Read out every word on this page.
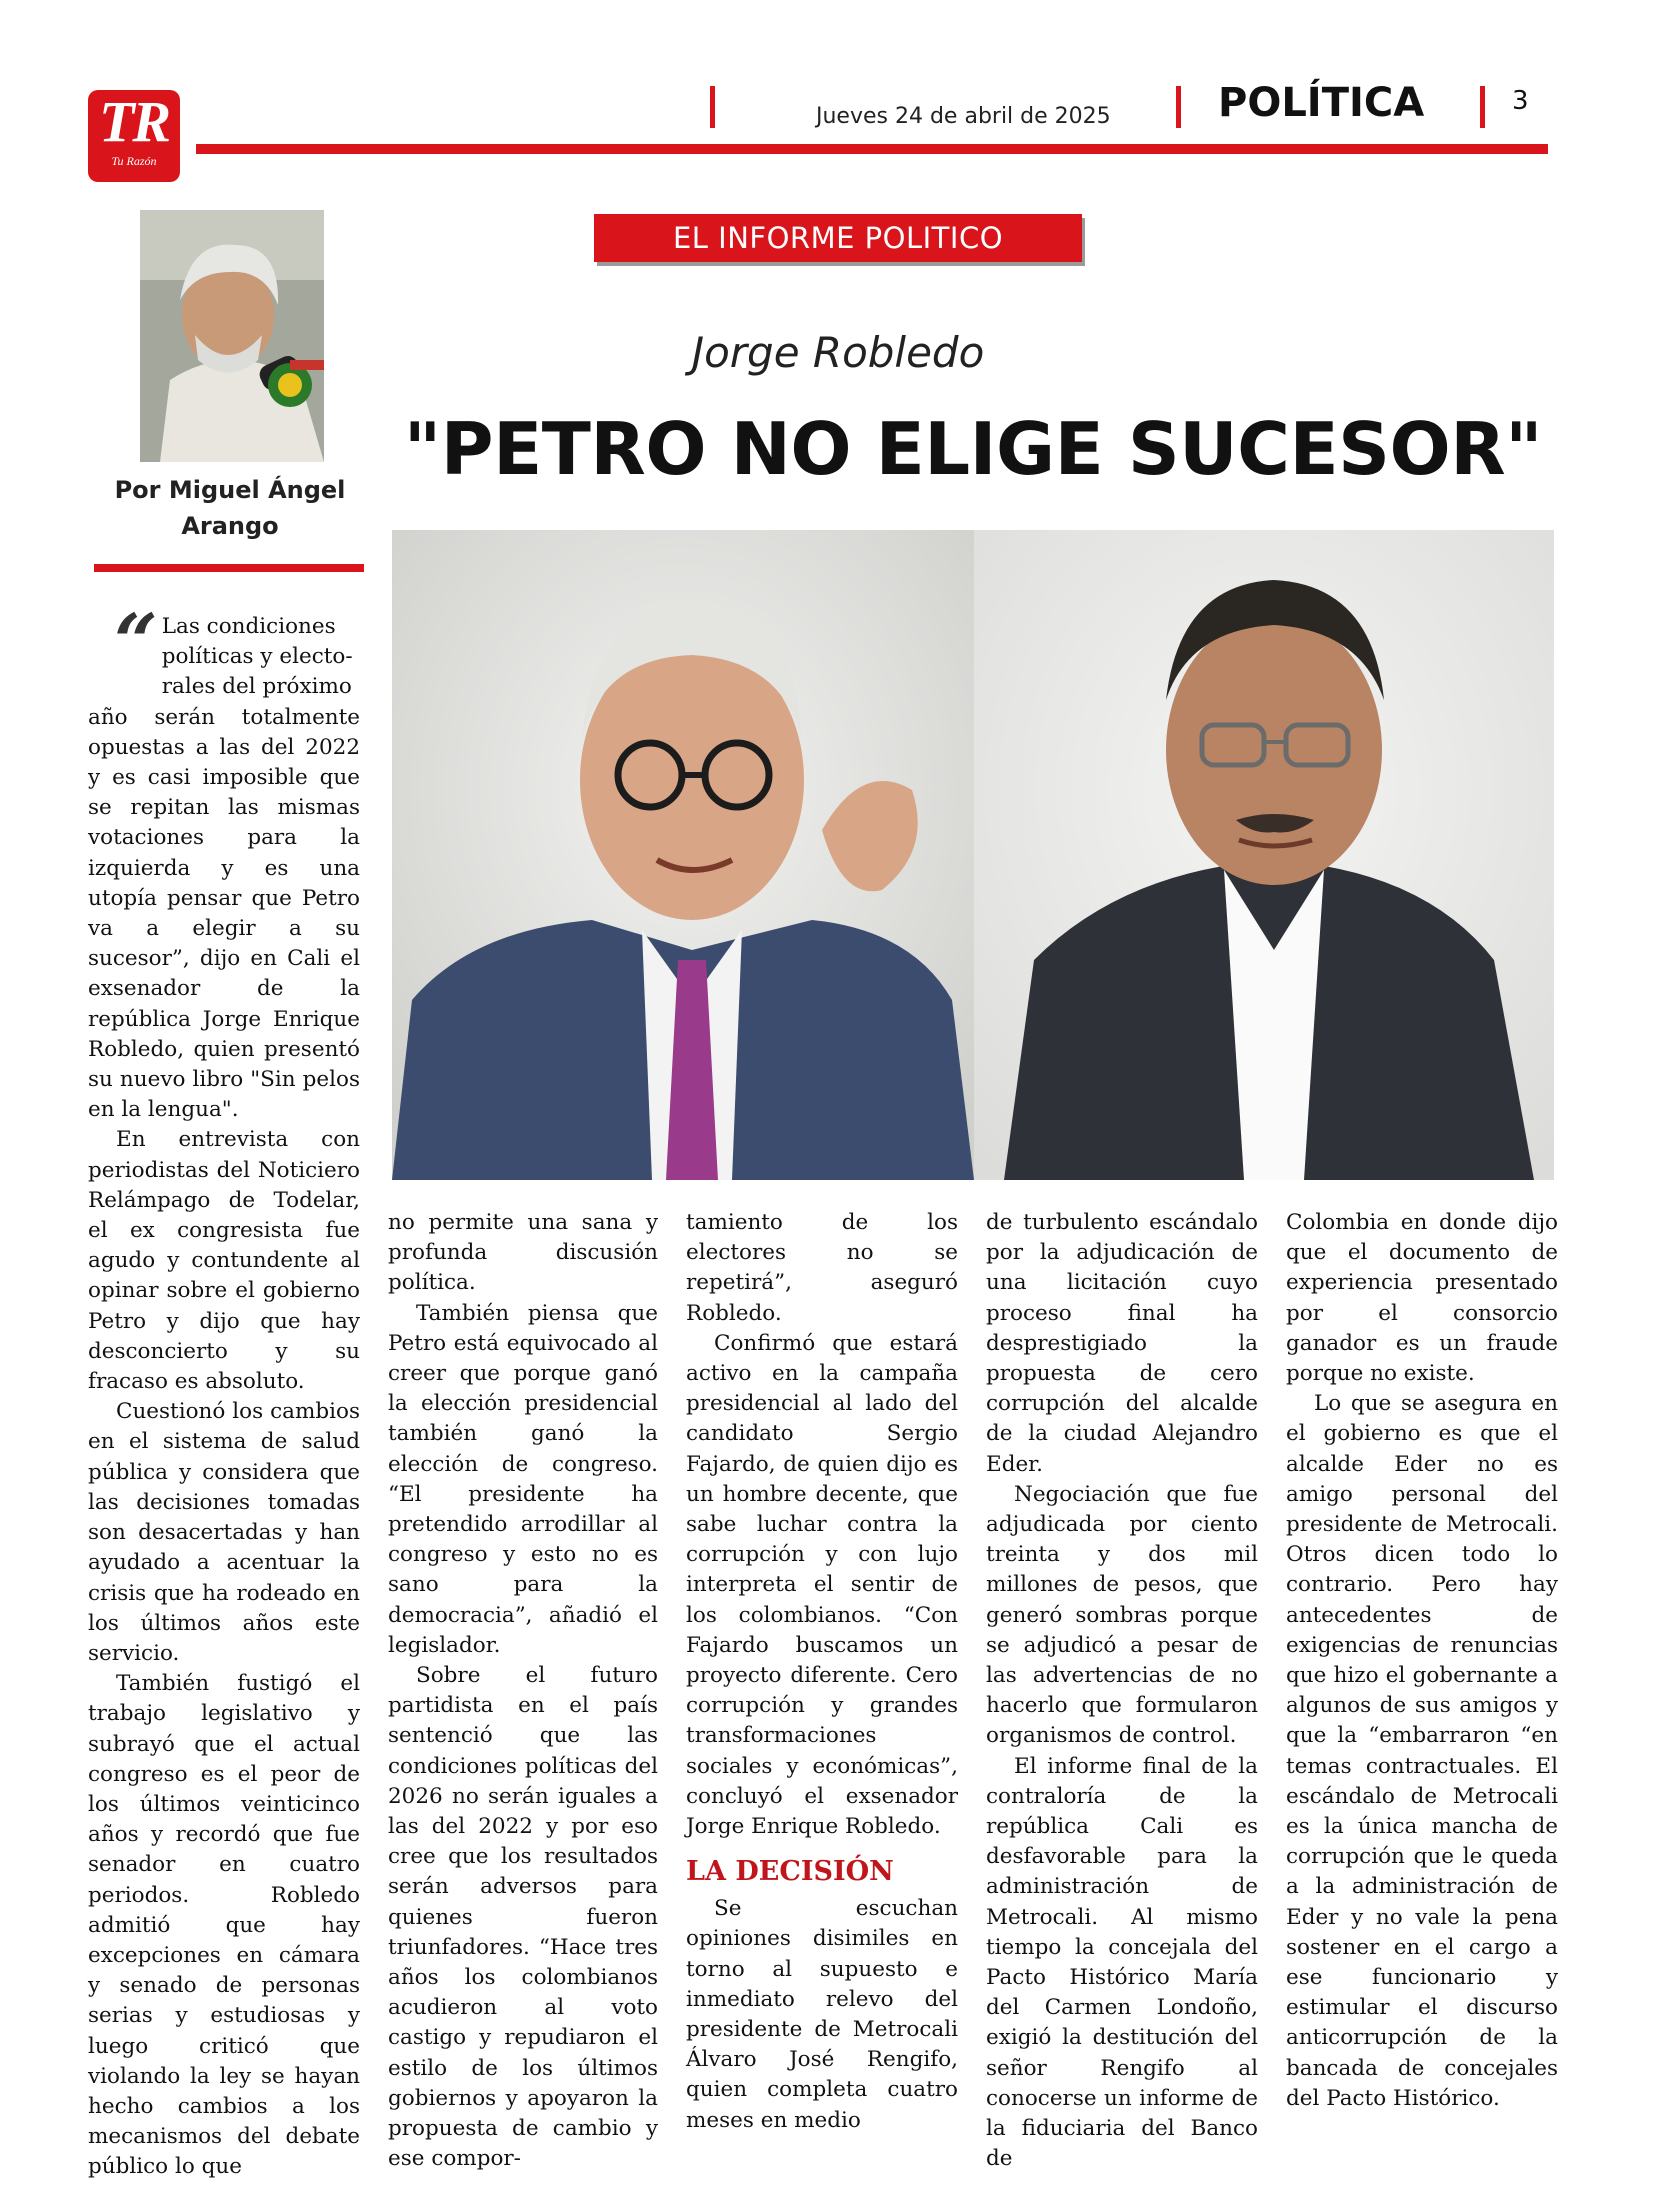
TR
Tu Razón
Jueves 24 de abril de 2025	POLÍTICA	3
Por Miguel Ángel
Arango
EL INFORME POLITICO
Jorge Robledo
"PETRO NO ELIGE SUCESOR"

“ Las condiciones
políticas y electo-
rales del próximo
año serán totalmente opuestas a las del 2022 y es casi imposible que se repitan las mismas votaciones para la izquierda y es una utopía pensar que Petro va a elegir a su sucesor”, dijo en Cali el exsenador de la república Jorge Enrique Robledo, quien presentó su nuevo libro "Sin pelos en la lengua".

En entrevista con periodistas del Noticiero Relámpago de Todelar, el ex congresista fue agudo y contundente al opinar sobre el gobierno Petro y dijo que hay desconcierto y su fracaso es absoluto.

Cuestionó los cambios en el sistema de salud pública y considera que las decisiones tomadas son desacertadas y han ayudado a acentuar la crisis que ha rodeado en los últimos años este servicio.

También fustigó el trabajo legislativo y subrayó que el actual congreso es el peor de los últimos veinticinco años y recordó que fue senador en cuatro periodos. Robledo admitió que hay excepciones en cámara y senado de personas serias y estudiosas y luego criticó que violando la ley se hayan hecho cambios a los mecanismos del debate público lo que

no permite una sana y profunda discusión política.

También piensa que Petro está equivocado al creer que porque ganó la elección presidencial también ganó la elección de congreso. “El presidente ha pretendido arrodillar al congreso y esto no es sano para la democracia”, añadió el legislador.

Sobre el futuro partidista en el país sentenció que las condiciones políticas del 2026 no serán iguales a las del 2022 y por eso cree que los resultados serán adversos para quienes fueron triunfadores. “Hace tres años los colombianos acudieron al voto castigo y repudiaron el estilo de los últimos gobiernos y apoyaron la propuesta de cambio y ese compor-

tamiento de los electores no se repetirá”, aseguró Robledo.

Confirmó que estará activo en la campaña presidencial al lado del candidato Sergio Fajardo, de quien dijo es un hombre decente, que sabe luchar contra la corrupción y con lujo interpreta el sentir de los colombianos. “Con Fajardo buscamos un proyecto diferente. Cero corrupción y grandes transformaciones sociales y económicas”, concluyó el exsenador Jorge Enrique Robledo.

LA DECISIÓN

Se escuchan opiniones disimiles en torno al supuesto e inmediato relevo del presidente de Metrocali Álvaro José Rengifo, quien completa cuatro meses en medio

de turbulento escándalo por la adjudicación de una licitación cuyo proceso final ha desprestigiado la propuesta de cero corrupción del alcalde de la ciudad Alejandro Eder.

Negociación que fue adjudicada por ciento treinta y dos mil millones de pesos, que generó sombras porque se adjudicó a pesar de las advertencias de no hacerlo que formularon organismos de control.

El informe final de la contraloría de la república Cali es desfavorable para la administración de Metrocali. Al mismo tiempo la concejala del Pacto Histórico María del Carmen Londoño, exigió la destitución del señor Rengifo al conocerse un informe de la fiduciaria del Banco de

Colombia en donde dijo que el documento de experiencia presentado por el consorcio ganador es un fraude porque no existe.

Lo que se asegura en el gobierno es que el alcalde Eder no es amigo personal del presidente de Metrocali. Otros dicen todo lo contrario. Pero hay antecedentes de exigencias de renuncias que hizo el gobernante a algunos de sus amigos y que la “embarraron “en temas contractuales. El escándalo de Metrocali es la única mancha de corrupción que le queda a la administración de Eder y no vale la pena sostener en el cargo a ese funcionario y estimular el discurso anticorrupción de la bancada de concejales del Pacto Histórico.
